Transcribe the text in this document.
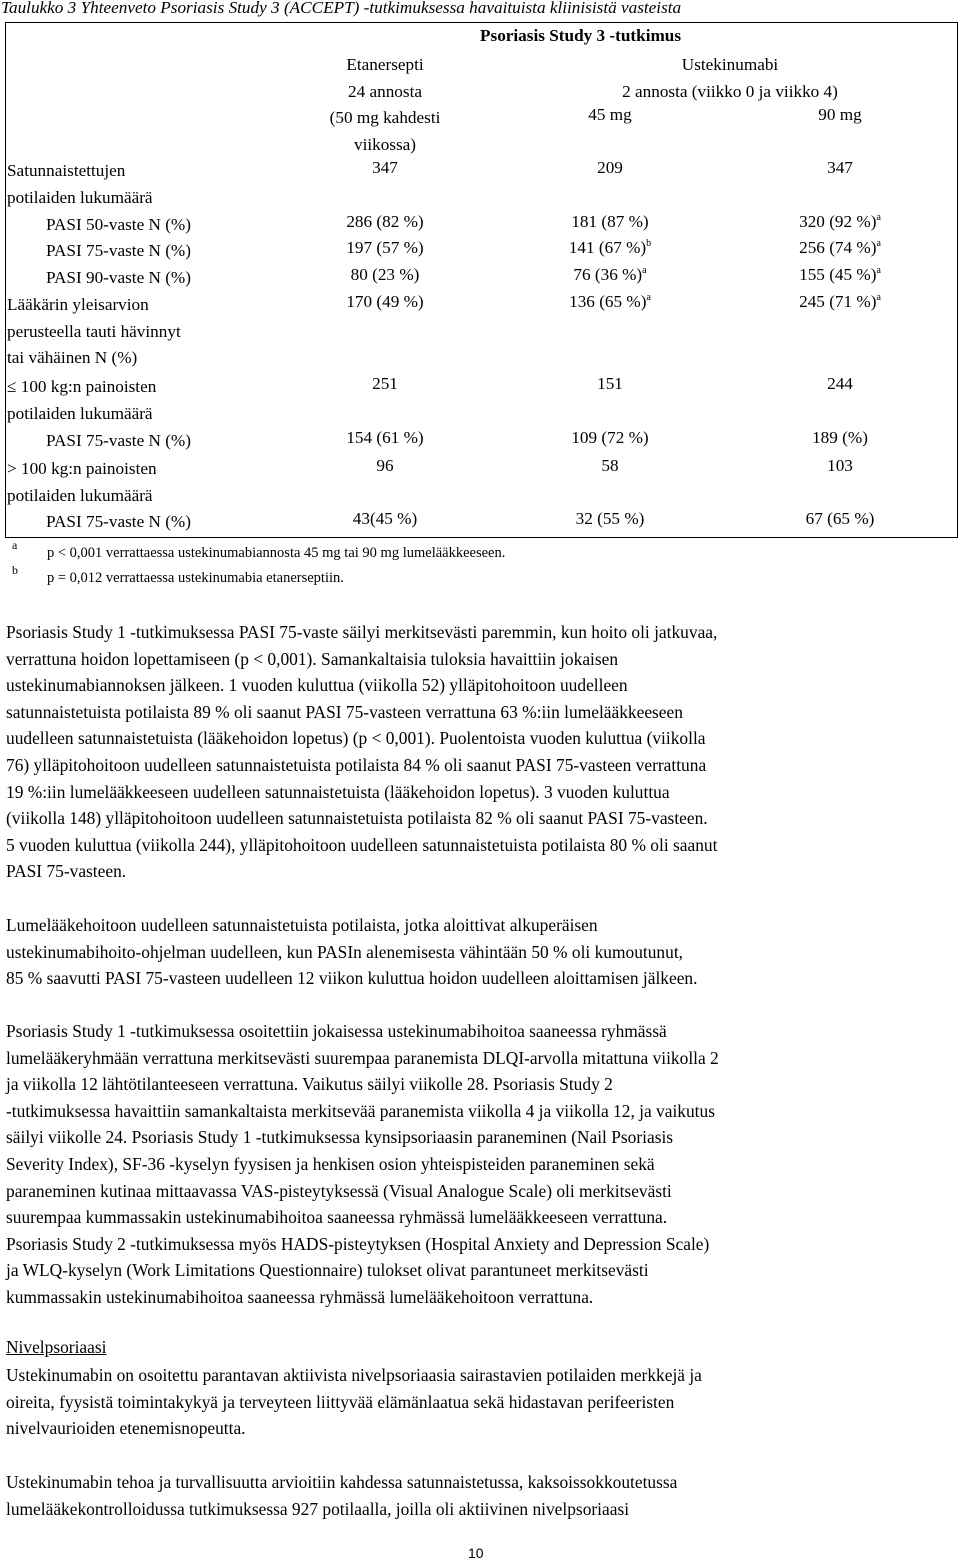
Taulukko 3 Yhteenveto Psoriasis Study 3 (ACCEPT) -tutkimuksessa havaituista kliinisistä vasteista
Psoriasis Study 3 -tutkimus
Etanersepti
24 annosta
(50 mg kahdesti
viikossa)
Ustekinumabi
2 annosta (viikko 0 ja viikko 4)
45 mg	90 mg
Satunnaistettujen
potilaiden lukumäärä
347	209	347
PASI 50-vaste N (%)	286 (82 %)	181 (87 %)	320 (92 %)$^a$
PASI 75-vaste N (%)	197 (57 %)	141 (67 %)$^b$	256 (74 %)$^a$
PASI 90-vaste N (%)	80 (23 %)	76 (36 %)$^a$	155 (45 %)$^a$
Lääkärin yleisarvion
perusteella tauti hävinnyt
tai vähäinen N (%)
170 (49 %)	136 (65 %)$^a$	245 (71 %)$^a$
≤ 100 kg:n painoisten
potilaiden lukumäärä
251	151	244
PASI 75-vaste N (%)	154 (61 %)	109 (72 %)	189 (%)
> 100 kg:n painoisten
potilaiden lukumäärä
96	58	103
PASI 75-vaste N (%)	43(45 %)	32 (55 %)	67 (65 %)
a p < 0,001 verrattaessa ustekinumabiannosta 45 mg tai 90 mg lumelääkkeeseen.
b p = 0,012 verrattaessa ustekinumabia etanerseptiin.
Psoriasis Study 1 -tutkimuksessa PASI 75-vaste säilyi merkitsevästi paremmin, kun hoito oli jatkuvaa,
verrattuna hoidon lopettamiseen (p < 0,001). Samankaltaisia tuloksia havaittiin jokaisen
ustekinumabiannoksen jälkeen. 1 vuoden kuluttua (viikolla 52) ylläpitohoitoon uudelleen
satunnaistetuista potilaista 89 % oli saanut PASI 75-vasteen verrattuna 63 %:iin lumelääkkeeseen
uudelleen satunnaistetuista (lääkehoidon lopetus) (p < 0,001). Puolentoista vuoden kuluttua (viikolla
76) ylläpitohoitoon uudelleen satunnaistetuista potilaista 84 % oli saanut PASI 75-vasteen verrattuna
19 %:iin lumelääkkeeseen uudelleen satunnaistetuista (lääkehoidon lopetus). 3 vuoden kuluttua
(viikolla 148) ylläpitohoitoon uudelleen satunnaistetuista potilaista 82 % oli saanut PASI 75-vasteen.
5 vuoden kuluttua (viikolla 244), ylläpitohoitoon uudelleen satunnaistetuista potilaista 80 % oli saanut
PASI 75-vasteen.
Lumelääkehoitoon uudelleen satunnaistetuista potilaista, jotka aloittivat alkuperäisen
ustekinumabihoito-ohjelman uudelleen, kun PASIn alenemisesta vähintään 50 % oli kumoutunut,
85 % saavutti PASI 75-vasteen uudelleen 12 viikon kuluttua hoidon uudelleen aloittamisen jälkeen.
Psoriasis Study 1 -tutkimuksessa osoitettiin jokaisessa ustekinumabihoitoa saaneessa ryhmässä
lumelääkeryhmään verrattuna merkitsevästi suurempaa paranemista DLQI-arvolla mitattuna viikolla 2
ja viikolla 12 lähtötilanteeseen verrattuna. Vaikutus säilyi viikolle 28. Psoriasis Study 2
-tutkimuksessa havaittiin samankaltaista merkitsevää paranemista viikolla 4 ja viikolla 12, ja vaikutus
säilyi viikolle 24. Psoriasis Study 1 -tutkimuksessa kynsipsoriaasin paraneminen (Nail Psoriasis
Severity Index), SF-36 -kyselyn fyysisen ja henkisen osion yhteispisteiden paraneminen sekä
paraneminen kutinaa mittaavassa VAS-pisteytyksessä (Visual Analogue Scale) oli merkitsevästi
suurempaa kummassakin ustekinumabihoitoa saaneessa ryhmässä lumelääkkeeseen verrattuna.
Psoriasis Study 2 -tutkimuksessa myös HADS-pisteytyksen (Hospital Anxiety and Depression Scale)
ja WLQ-kyselyn (Work Limitations Questionnaire) tulokset olivat parantuneet merkitsevästi
kummassakin ustekinumabihoitoa saaneessa ryhmässä lumelääkehoitoon verrattuna.
Nivelpsoriaasi
Ustekinumabin on osoitettu parantavan aktiivista nivelpsoriaasia sairastavien potilaiden merkkejä ja
oireita, fyysistä toimintakykyä ja terveyteen liittyvää elämänlaatua sekä hidastavan perifeeristen
nivelvaurioiden etenemisnopeutta.
Ustekinumabin tehoa ja turvallisuutta arvioitiin kahdessa satunnaistetussa, kaksoissokkoutetussa
lumelääkekontrolloidussa tutkimuksessa 927 potilaalla, joilla oli aktiivinen nivelpsoriaasi
10
